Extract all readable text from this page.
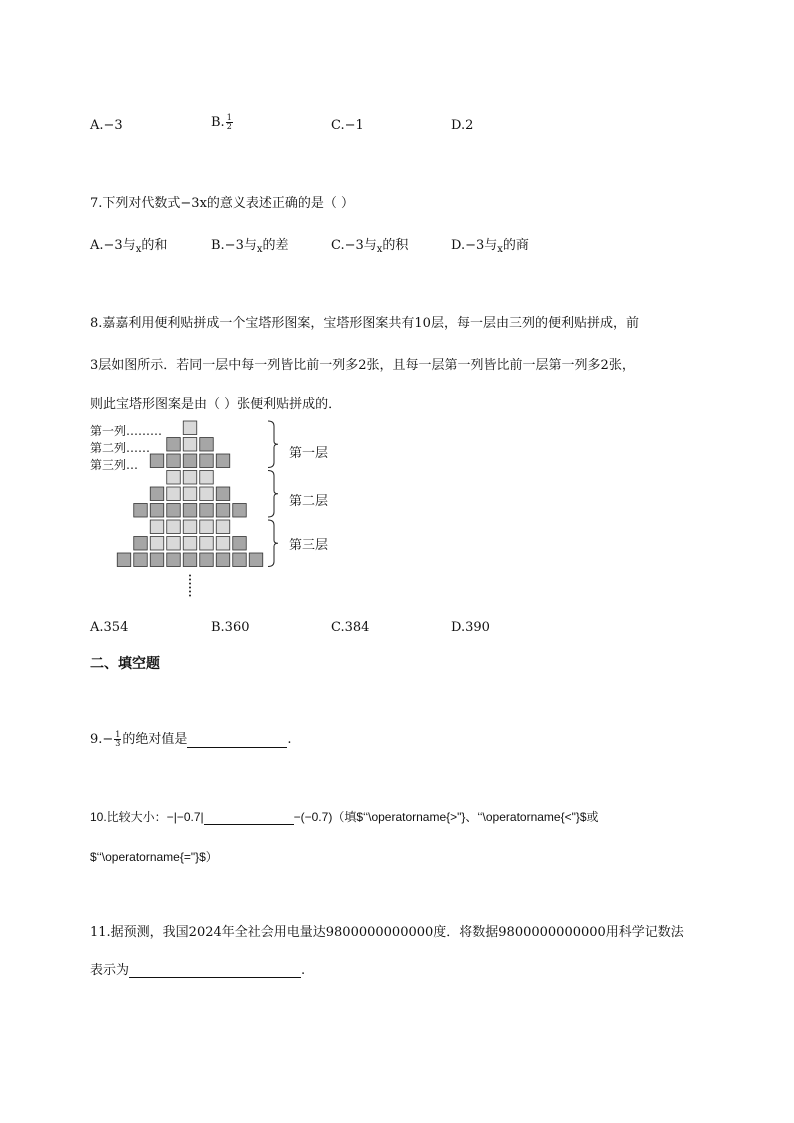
A.−3	B. $\frac{1}{2}$	C.−1	D.2
7.下列对代数式−3x的意义表述正确的是（ ）
A.−3与$_x$的和	B.−3与$_x$的差	C.−3与$_x$的积	D.−3与$_x$的商
8.嘉嘉利用便利贴拼成一个宝塔形图案，宝塔形图案共有10层，每一层由三列的便利贴拼成，前
3层如图所示．若同一层中每一列皆比前一列多2张，且每一层第一列皆比前一层第一列多2张，
则此宝塔形图案是由（ ）张便利贴拼成的．
第一列………
第二列……
第三列…
第一层
第二层
第三层
A.354	B.360	C.384	D.390
二、填空题
$9.- \frac{1}{3}$ 的绝对值是	.
10.比较大小：−|−0.7|	−(−0.7)（填$‘‘\operatorname{>"}、‘‘\operatorname{<"}$或
$‘‘\operatorname{="}$）
11.据预测，我国2024年全社会用电量达9800000000000度．将数据9800000000000用科学记数法
表示为	.
